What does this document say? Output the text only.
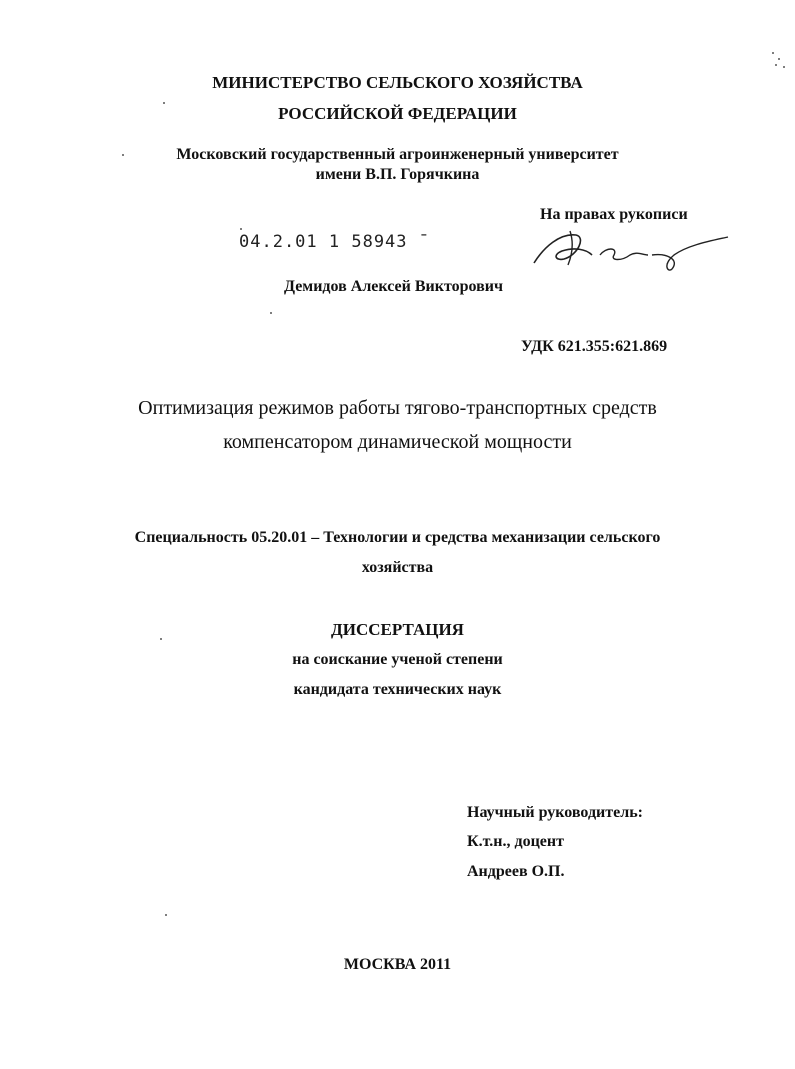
МИНИСТЕРСТВО СЕЛЬСКОГО ХОЗЯЙСТВА
РОССИЙСКОЙ ФЕДЕРАЦИИ
Московский государственный агроинженерный университет
имени В.П. Горячкина
На правах рукописи
04.2.01 1 58943 ˉ
Демидов Алексей Викторович
УДК 621.355:621.869
Оптимизация режимов работы тягово-транспортных средств
компенсатором динамической мощности
Специальность 05.20.01 – Технологии и средства механизации сельского
хозяйства
ДИССЕРТАЦИЯ
на соискание ученой степени
кандидата технических наук
Научный руководитель:
К.т.н., доцент
Андреев О.П.
МОСКВА 2011
